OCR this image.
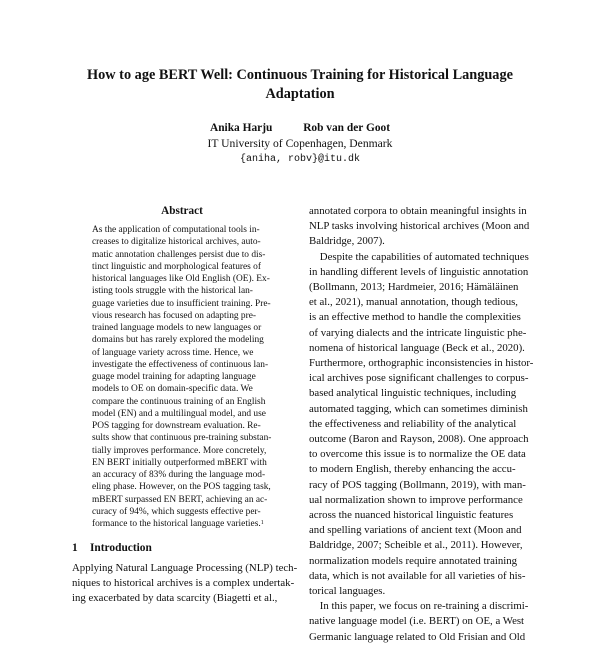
How to age BERT Well: Continuous Training for Historical Language
Adaptation
Anika Harju	Rob van der Goot
IT University of Copenhagen, Denmark
{aniha, robv}@itu.dk
Abstract
As the application of computational tools in-
creases to digitalize historical archives, auto-
matic annotation challenges persist due to dis-
tinct linguistic and morphological features of
historical languages like Old English (OE). Ex-
isting tools struggle with the historical lan-
guage varieties due to insufficient training. Pre-
vious research has focused on adapting pre-
trained language models to new languages or
domains but has rarely explored the modeling
of language variety across time. Hence, we
investigate the effectiveness of continuous lan-
guage model training for adapting language
models to OE on domain-specific data. We
compare the continuous training of an English
model (EN) and a multilingual model, and use
POS tagging for downstream evaluation. Re-
sults show that continuous pre-training substan-
tially improves performance. More concretely,
EN BERT initially outperformed mBERT with
an accuracy of 83% during the language mod-
eling phase. However, on the POS tagging task,
mBERT surpassed EN BERT, achieving an ac-
curacy of 94%, which suggests effective per-
formance to the historical language varieties.$^1$
1 Introduction
Applying Natural Language Processing (NLP) tech-
niques to historical archives is a complex undertak-
ing exacerbated by data scarcity (Biagetti et al.,
annotated corpora to obtain meaningful insights in
NLP tasks involving historical archives (Moon and
Baldridge, 2007).
Despite the capabilities of automated techniques
in handling different levels of linguistic annotation
(Bollmann, 2013; Hardmeier, 2016; Hämäläinen
et al., 2021), manual annotation, though tedious,
is an effective method to handle the complexities
of varying dialects and the intricate linguistic phe-
nomena of historical language (Beck et al., 2020).
Furthermore, orthographic inconsistencies in histor-
ical archives pose significant challenges to corpus-
based analytical linguistic techniques, including
automated tagging, which can sometimes diminish
the effectiveness and reliability of the analytical
outcome (Baron and Rayson, 2008). One approach
to overcome this issue is to normalize the OE data
to modern English, thereby enhancing the accu-
racy of POS tagging (Bollmann, 2019), with man-
ual normalization shown to improve performance
across the nuanced historical linguistic features
and spelling variations of ancient text (Moon and
Baldridge, 2007; Scheible et al., 2011). However,
normalization models require annotated training
data, which is not available for all varieties of his-
torical languages.
In this paper, we focus on re-training a discrimi-
native language model (i.e. BERT) on OE, a West
Germanic language related to Old Frisian and Old
